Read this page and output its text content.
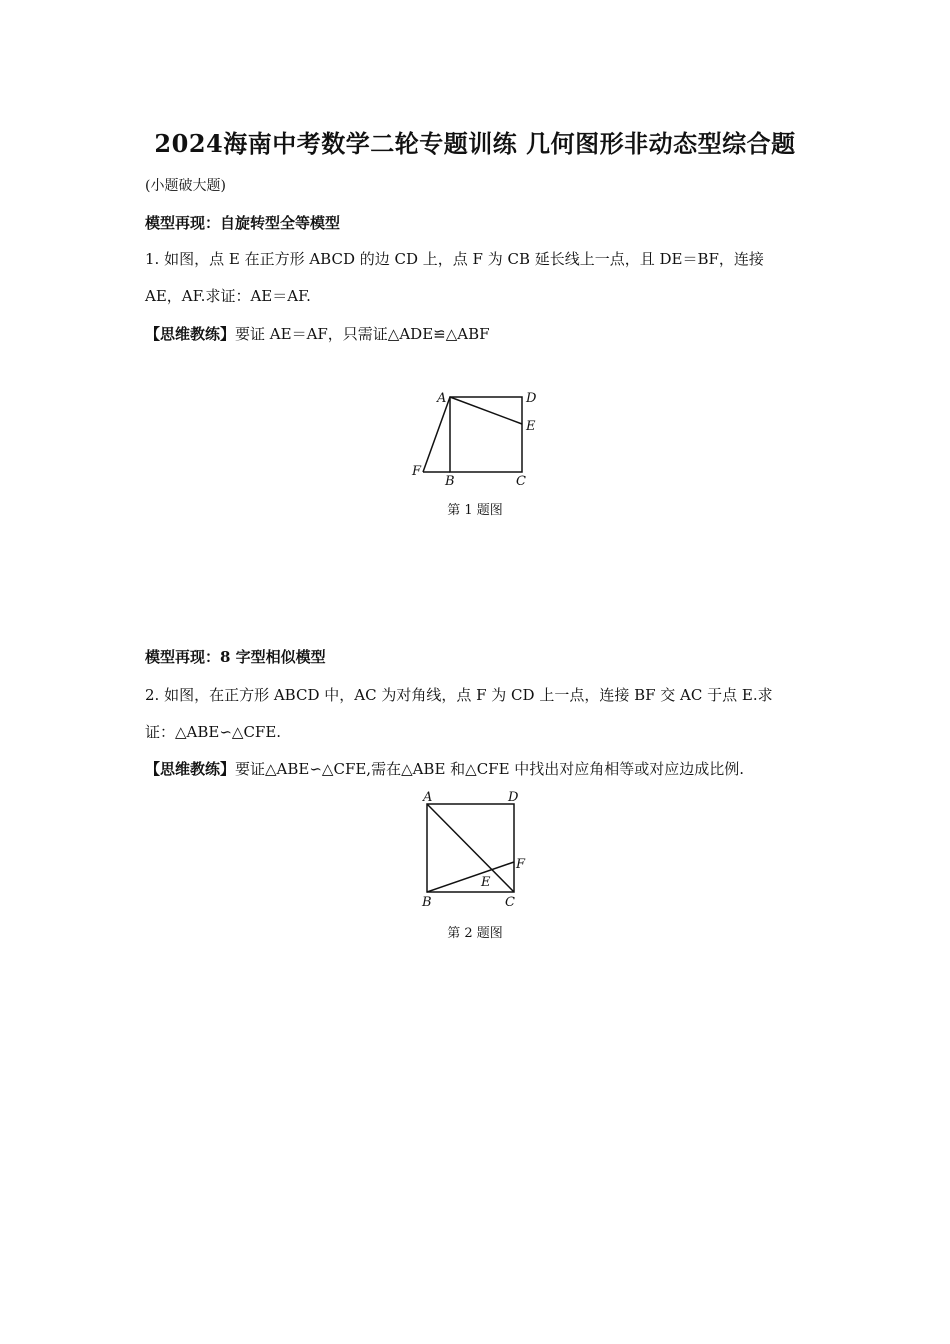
2024海南中考数学二轮专题训练 几何图形非动态型综合题
(小题破大题)
模型再现：自旋转型全等模型
1. 如图，点 E 在正方形 ABCD 的边 CD 上，点 F 为 CB 延长线上一点，且 DE＝BF，连接
AE，AF.求证：AE＝AF.
【思维教练】要证 AE＝AF，只需证△ADE≌△ABF
A	D
E
F
B	C
第 1 题图
模型再现：8 字型相似模型
2. 如图，在正方形 ABCD 中，AC 为对角线，点 F 为 CD 上一点，连接 BF 交 AC 于点 E.求
证：△ABE∽△CFE.
【思维教练】要证△ABE∽△CFE,需在△ABE 和△CFE 中找出对应角相等或对应边成比例.
A	D
F
E
B	C
第 2 题图
